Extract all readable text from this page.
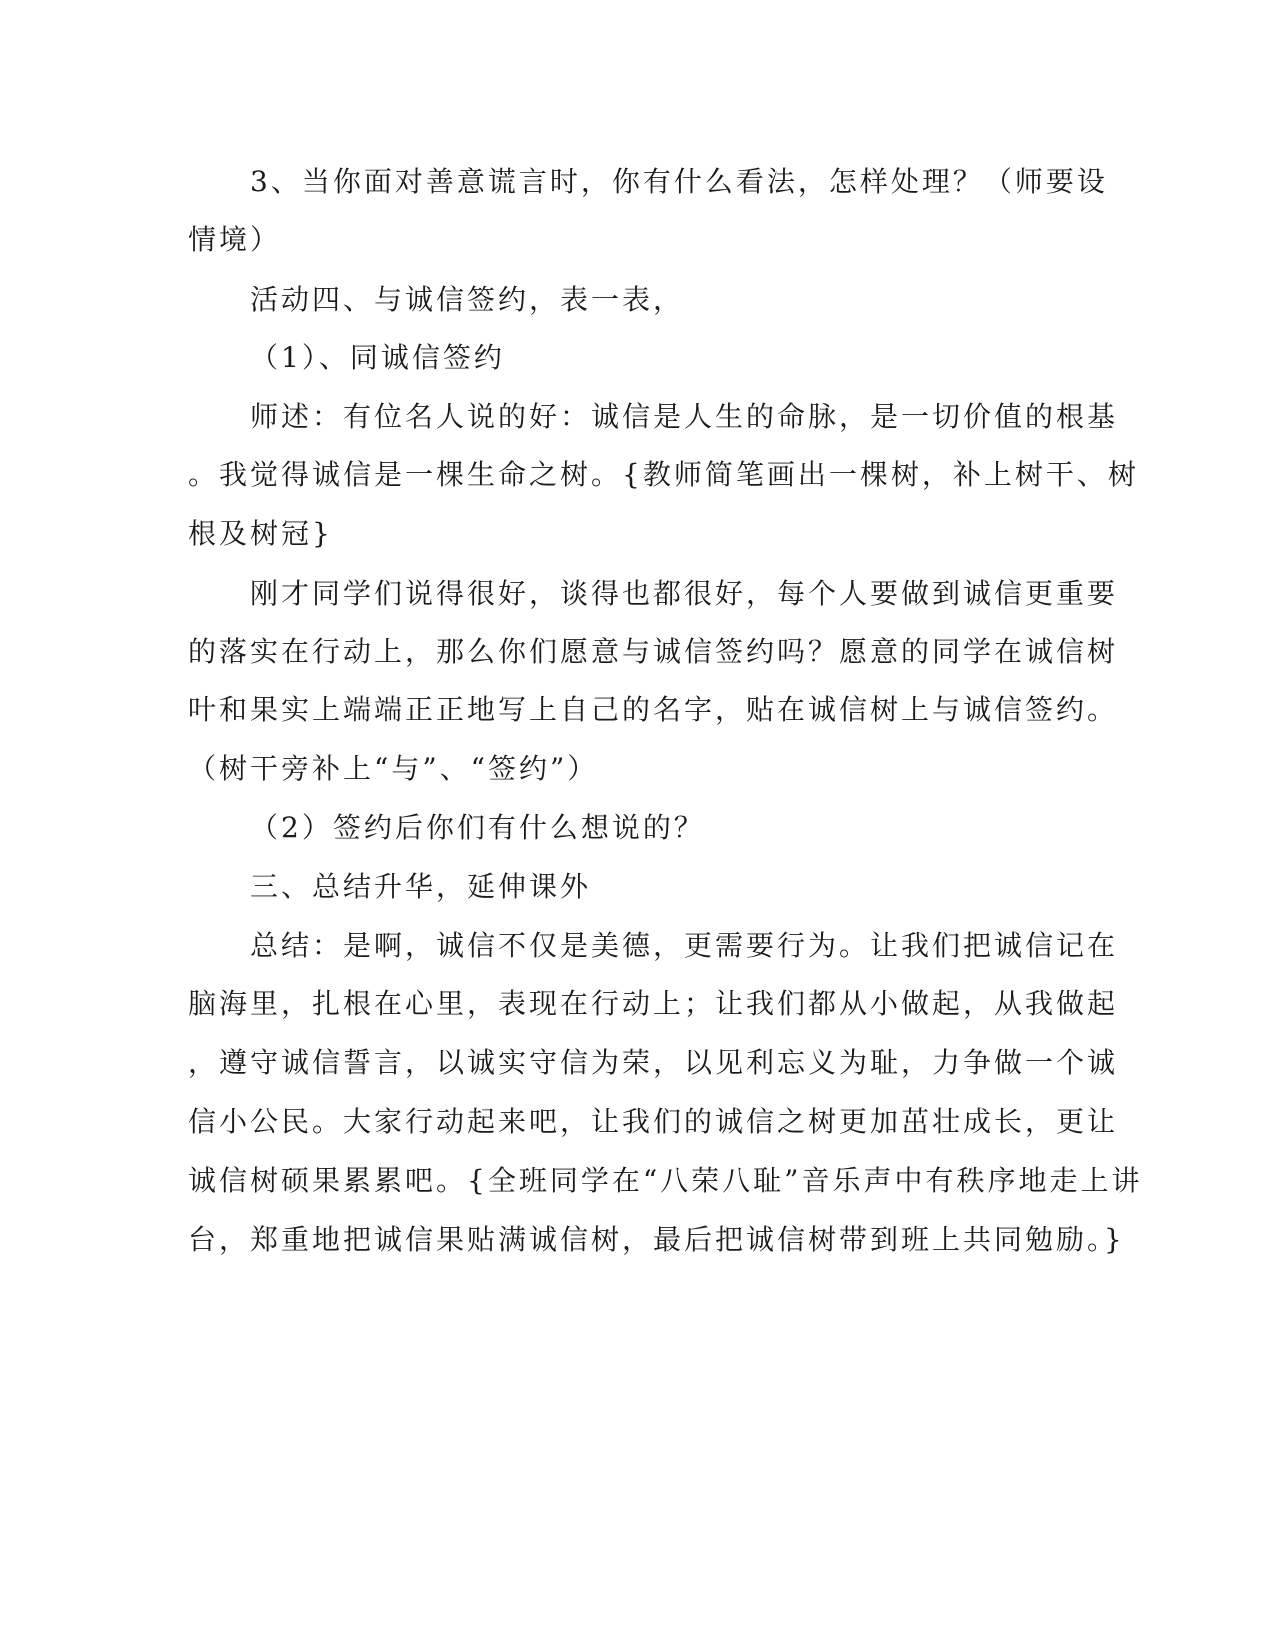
3、当你面对善意谎言时，你有什么看法，怎样处理？（师要设
情境）
活动四、与诚信签约，表一表，
（1）、同诚信签约
师述：有位名人说的好：诚信是人生的命脉，是一切价值的根基
。我觉得诚信是一棵生命之树。{教师简笔画出一棵树，补上树干、树
根及树冠}
刚才同学们说得很好，谈得也都很好，每个人要做到诚信更重要
的落实在行动上，那么你们愿意与诚信签约吗？愿意的同学在诚信树
叶和果实上端端正正地写上自己的名字，贴在诚信树上与诚信签约。
（树干旁补上“与”、“签约”）
（2）签约后你们有什么想说的？
三、总结升华，延伸课外
总结：是啊，诚信不仅是美德，更需要行为。让我们把诚信记在
脑海里，扎根在心里，表现在行动上；让我们都从小做起，从我做起
，遵守诚信誓言，以诚实守信为荣，以见利忘义为耻，力争做一个诚
信小公民。大家行动起来吧，让我们的诚信之树更加茁壮成长，更让
诚信树硕果累累吧。{全班同学在“八荣八耻”音乐声中有秩序地走上讲
台，郑重地把诚信果贴满诚信树，最后把诚信树带到班上共同勉励。}
